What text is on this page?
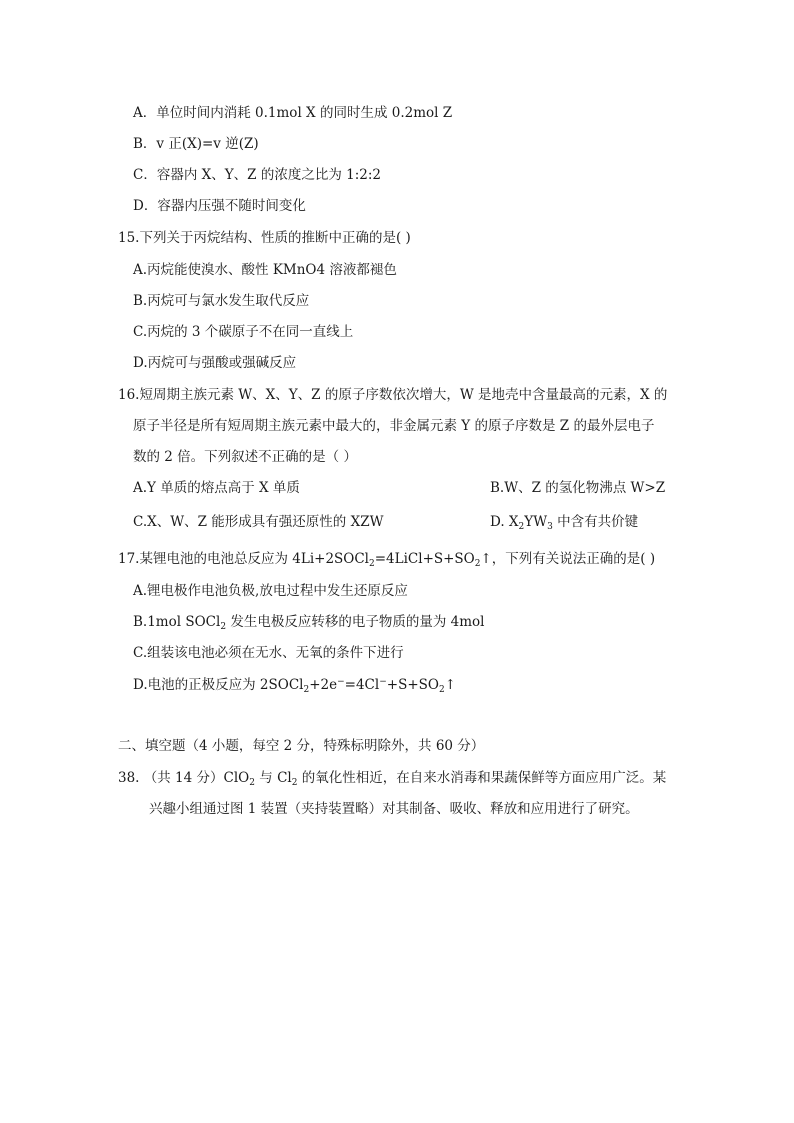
A．单位时间内消耗 0.1mol X 的同时生成 0.2mol Z
B．v 正(X)=v 逆(Z)
C．容器内 X、Y、Z 的浓度之比为 1:2:2
D．容器内压强不随时间变化
15.下列关于丙烷结构、性质的推断中正确的是( )
A.丙烷能使溴水、酸性 KMnO4 溶液都褪色
B.丙烷可与氯水发生取代反应
C.丙烷的 3 个碳原子不在同一直线上
D.丙烷可与强酸或强碱反应
16.短周期主族元素 W、X、Y、Z 的原子序数依次增大，W 是地壳中含量最高的元素，X 的
原子半径是所有短周期主族元素中最大的，非金属元素 Y 的原子序数是 Z 的最外层电子
数的 2 倍。下列叙述不正确的是（ ）
A.Y 单质的熔点高于 X 单质	B.W、Z 的氢化物沸点 W>Z
C.X、W、Z 能形成具有强还原性的 XZW	D. $X_2YW_3$ 中含有共价键
17.某锂电池的电池总反应为 $4Li+2SOCl_2=4LiCl+S+SO_2↑$，下列有关说法正确的是( )
A.锂电极作电池负极,放电过程中发生还原反应
B.1mol SOCl$_2$ 发生电极反应转移的电子物质的量为 4mol
C.组装该电池必须在无水、无氧的条件下进行
D.电池的正极反应为 $2SOCl_2+2e^-=4Cl^-+S+SO_2↑$
二、填空题（4 小题，每空 2 分，特殊标明除外，共 60 分）
38. （共 14 分）ClO$_2$ 与 $Cl_2$ 的氧化性相近，在自来水消毒和果蔬保鲜等方面应用广泛。某
兴趣小组通过图 1 装置（夹持装置略）对其制备、吸收、释放和应用进行了研究。
